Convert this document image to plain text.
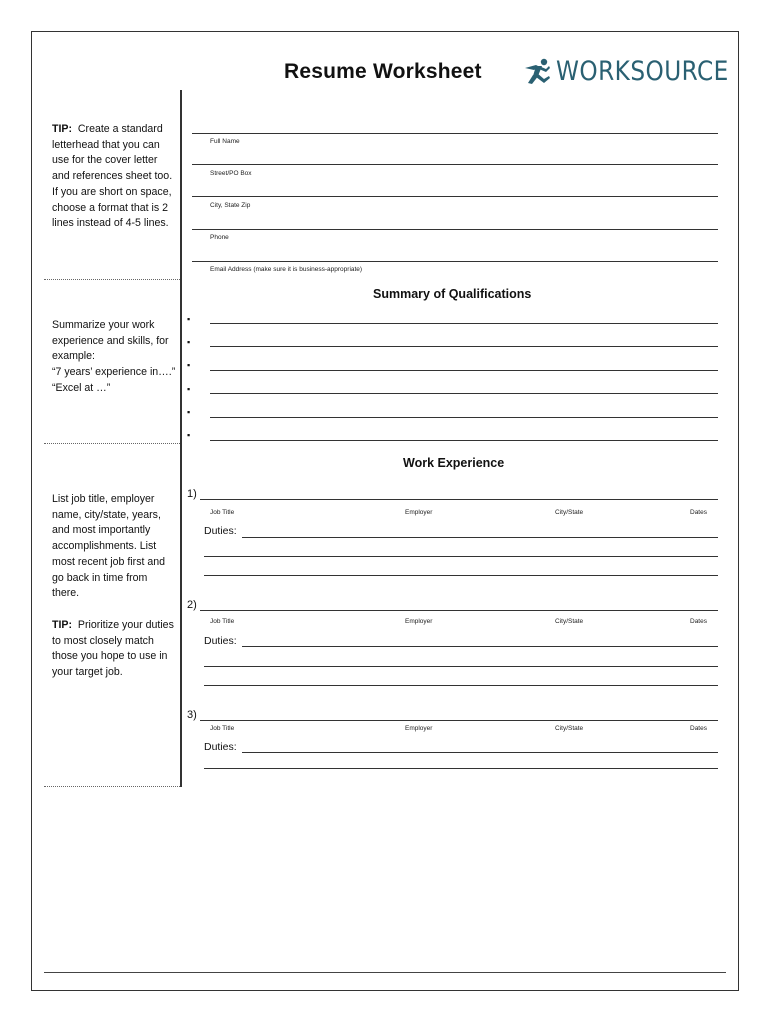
Resume Worksheet	WORKSOURCE

TIP: Create a standard letterhead that you can use for the cover letter and references sheet too. If you are short on space, choose a format that is 2 lines instead of 4-5 lines.

Summarize your work experience and skills, for example:
“7 years’ experience in….”
“Excel at …”

List job title, employer name, city/state, years, and most importantly accomplishments. List most recent job first and go back in time from there.

TIP: Prioritize your duties to most closely match those you hope to use in your target job.

Full Name
Street/PO Box
City, State Zip
Phone
Email Address (make sure it is business-appropriate)
Summary of Qualifications
▪
▪
▪
▪
▪
▪
Work Experience
1)
Job Title	Employer	City/State	Dates
Duties:
2)
Job Title	Employer	City/State	Dates
Duties:
3)
Job Title	Employer	City/State	Dates
Duties:
